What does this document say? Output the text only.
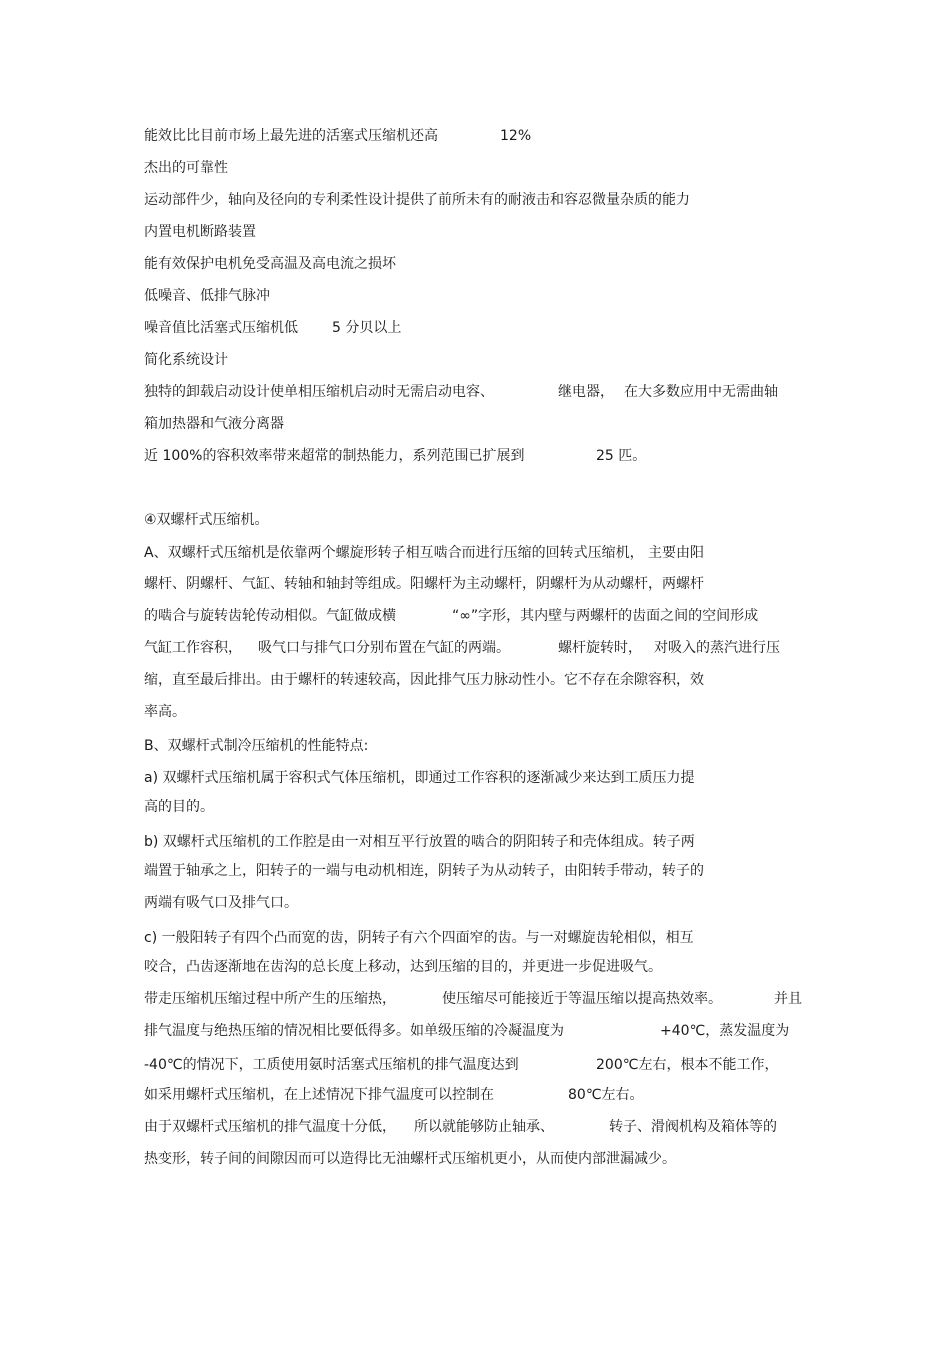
能效比比目前市场上最先进的活塞式压缩机还高	12%
杰出的可靠性
运动部件少，轴向及径向的专利柔性设计提供了前所未有的耐液击和容忍微量杂质的能力
内置电机断路装置
能有效保护电机免受高温及高电流之损坏
低噪音、低排气脉冲
噪音值比活塞式压缩机低 5 分贝以上
简化系统设计
独特的卸载启动设计使单相压缩机启动时无需启动电容、	继电器， 在大多数应用中无需曲轴
箱加热器和气液分离器
近 100%的容积效率带来超常的制热能力，系列范围已扩展到	25 匹。
④双螺杆式压缩机。
A、双螺杆式压缩机是依靠两个螺旋形转子相互啮合而进行压缩的回转式压缩机， 主要由阳
螺杆、阴螺杆、气缸、转轴和轴封等组成。阳螺杆为主动螺杆，阴螺杆为从动螺杆，两螺杆
的啮合与旋转齿轮传动相似。气缸做成横	“∞”字形，其内壁与两螺杆的齿面之间的空间形成
气缸工作容积， 吸气口与排气口分别布置在气缸的两端。	螺杆旋转时， 对吸入的蒸汽进行压
缩，直至最后排出。由于螺杆的转速较高，因此排气压力脉动性小。它不存在余隙容积，效
率高。
B、双螺杆式制冷压缩机的性能特点:
a) 双螺杆式压缩机属于容积式气体压缩机，即通过工作容积的逐渐减少来达到工质压力提
高的目的。
b) 双螺杆式压缩机的工作腔是由一对相互平行放置的啮合的阴阳转子和壳体组成。转子两
端置于轴承之上，阳转子的一端与电动机相连，阴转子为从动转子，由阳转手带动，转子的
两端有吸气口及排气口。
c) 一般阳转子有四个凸而宽的齿，阴转子有六个四面窄的齿。与一对螺旋齿轮相似，相互
咬合，凸齿逐渐地在齿沟的总长度上移动，达到压缩的目的，并更进一步促进吸气。
带走压缩机压缩过程中所产生的压缩热，	使压缩尽可能接近于等温压缩以提高热效率。	并且
排气温度与绝热压缩的情况相比要低得多。如单级压缩的冷凝温度为	+40℃，蒸发温度为
-40℃的情况下，工质使用氨时活塞式压缩机的排气温度达到	200℃左右，根本不能工作，
如采用螺杆式压缩机，在上述情况下排气温度可以控制在	80℃左右。
由于双螺杆式压缩机的排气温度十分低， 所以就能够防止轴承、	转子、滑阀机构及箱体等的
热变形，转子间的间隙因而可以造得比无油螺杆式压缩机更小，从而使内部泄漏减少。
